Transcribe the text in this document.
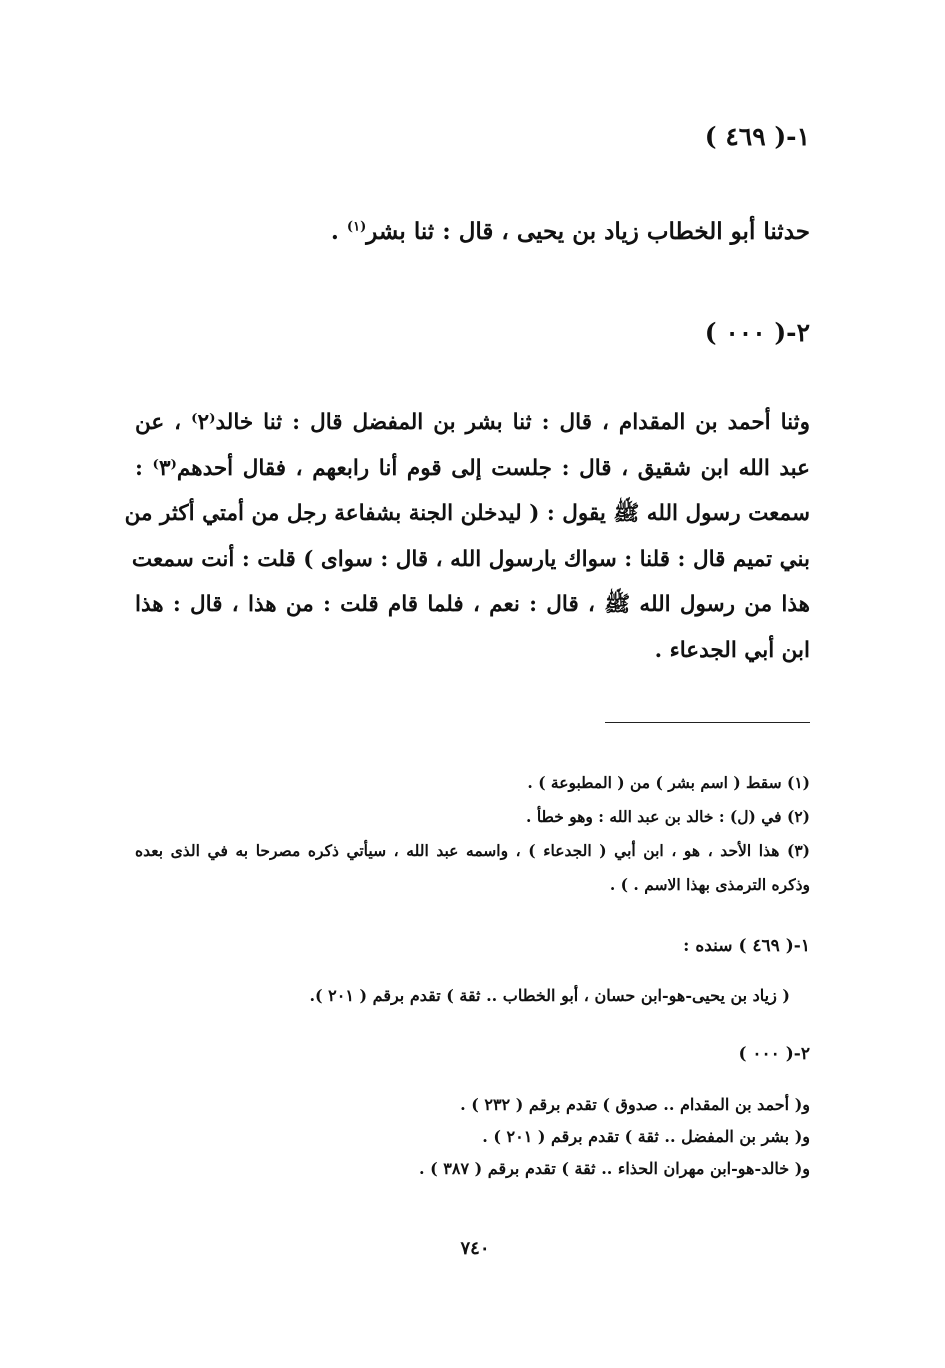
١-( ٤٦٩ )
حدثنا أبو الخطاب زياد بن يحيى ، قال : ثنا بشر$^{(١)}$ .
٢-( ٠٠٠ )
وثنا أحمد بن المقدام ، قال : ثنا بشر بن المفضل قال : ثنا خالد⁽٢⁾ ، عن
عبد الله ابن شقيق ، قال : جلست إلى قوم أنا رابعهم ، فقال أحدهم⁽٣⁾ :
سمعت رسول الله ﷺ يقول : ( ليدخلن الجنة بشفاعة رجل من أمتي أكثر من
بني تميم قال : قلنا : سواك يارسول الله ، قال : سواى ) قلت : أنت سمعت
هذا من رسول الله ﷺ ، قال : نعم ، فلما قام قلت : من هذا ، قال : هذا
ابن أبي الجدعاء .
(١) سقط ( اسم بشر ) من ( المطبوعة ) .
(٢) في (ل) : خالد بن عبد الله : وهو خطأ .
(٣) هذا الأحد ، هو ، ابن أبي ( الجدعاء ) ، واسمه عبد الله ، سيأتي ذكره مصرحا به في الذى بعده
وذكره الترمذى بهذا الاسم . ) .
١-( ٤٦٩ ) سنده :
( زياد بن يحيى-هو-ابن حسان ، أبو الخطاب .. ثقة ) تقدم برقم ( ٢٠١ ).
٢-( ٠٠٠ )
و( أحمد بن المقدام .. صدوق ) تقدم برقم ( ٢٣٢ ) .
و( بشر بن المفضل .. ثقة ) تقدم برقم ( ٢٠١ ) .
و( خالد-هو-ابن مهران الحذاء .. ثقة ) تقدم برقم ( ٣٨٧ ) .
٧٤٠
